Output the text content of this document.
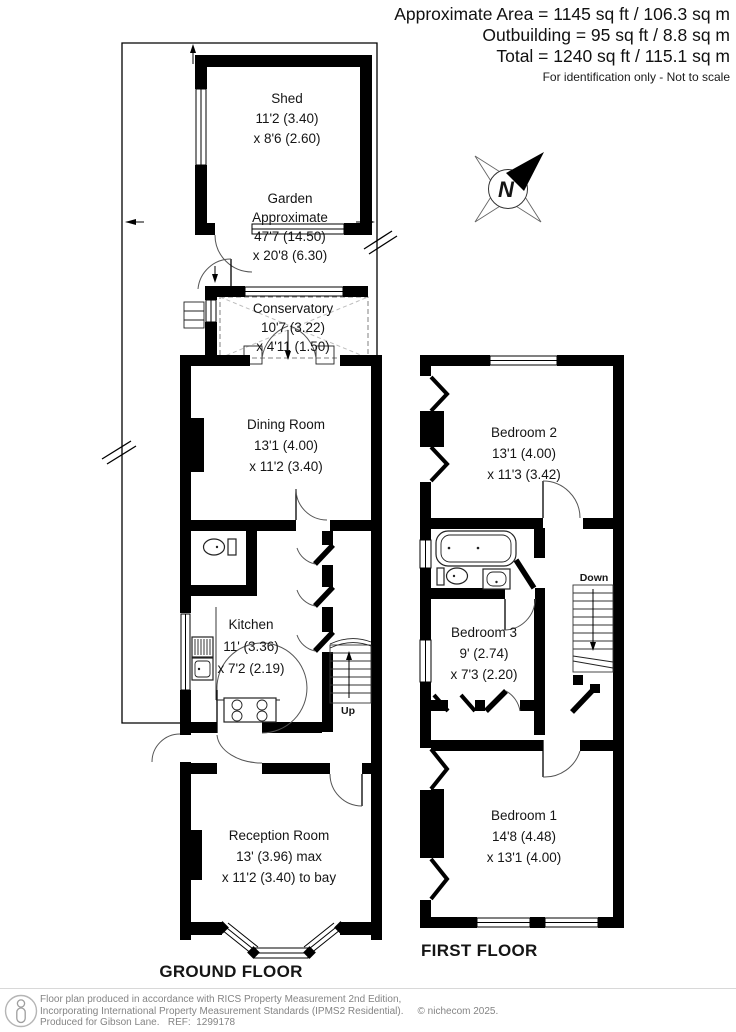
Approximate Area = 1145 sq ft / 106.3 sq m
Outbuilding = 95 sq ft / 8.8 sq m
Total = 1240 sq ft / 115.1 sq m
For identification only - Not to scale
N
Shed
11'2 (3.40)
x 8'6 (2.60)
Garden
Approximate
47'7 (14.50)
x 20'8 (6.30)
Conservatory
10'7 (3.22)
x 4'11 (1.50)
Dining Room
13'1 (4.00)
x 11'2 (3.40)
Kitchen
11' (3.36)
x 7'2 (2.19)
Reception Room
13' (3.96) max
x 11'2 (3.40) to bay
Bedroom 2
13'1 (4.00)
x 11'3 (3.42)
Bedroom 3
9' (2.74)
x 7'3 (2.20)
Bedroom 1
14'8 (4.48)
x 13'1 (4.00)
Up
Down
GROUND FLOOR
FIRST FLOOR
Floor plan produced in accordance with RICS Property Measurement 2nd Edition,
Incorporating International Property Measurement Standards (IPMS2 Residential). © nichecom 2025.
Produced for Gibson Lane.   REF:  1299178
